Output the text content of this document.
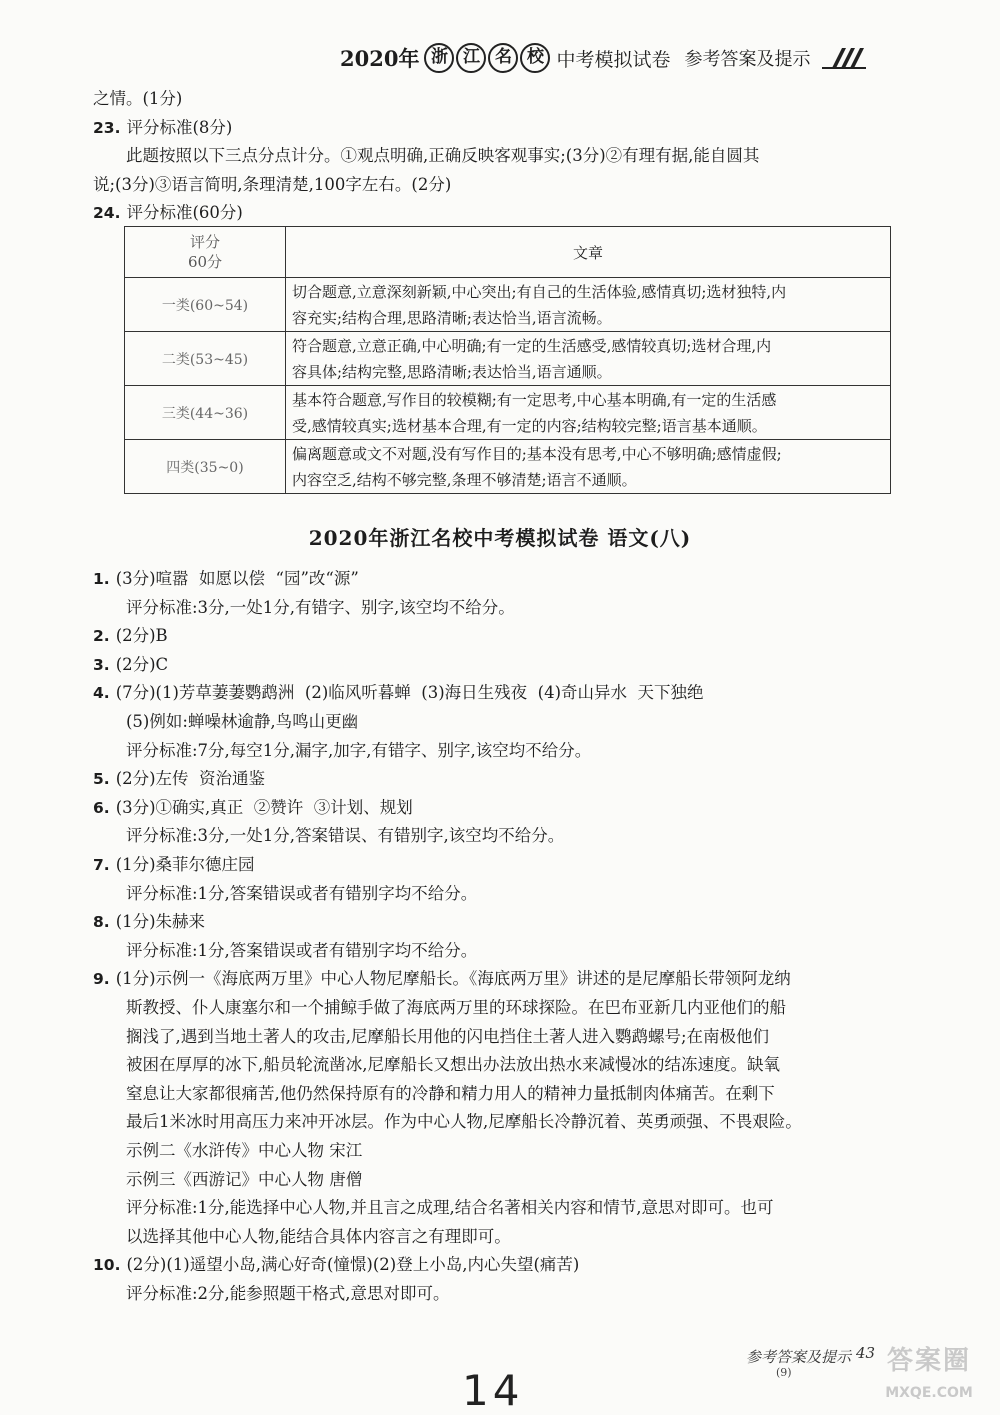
2020年 浙 江 名 校 中考模拟试卷 参考答案及提示
之情。(1分)
23. 评分标准(8分)
此题按照以下三点分点计分。①观点明确,正确反映客观事实;(3分)②有理有据,能自圆其
说;(3分)③语言简明,条理清楚,100字左右。(2分)
24. 评分标准(60分)
评分
60分	文章
一类(60~54)	切合题意,立意深刻新颖,中心突出;有自己的生活体验,感情真切;选材独特,内
容充实;结构合理,思路清晰;表达恰当,语言流畅。
二类(53~45)	符合题意,立意正确,中心明确;有一定的生活感受,感情较真切;选材合理,内
容具体;结构完整,思路清晰;表达恰当,语言通顺。
三类(44~36)	基本符合题意,写作目的较模糊;有一定思考,中心基本明确,有一定的生活感
受,感情较真实;选材基本合理,有一定的内容;结构较完整;语言基本通顺。
四类(35~0)	偏离题意或文不对题,没有写作目的;基本没有思考,中心不够明确;感情虚假;
内容空乏,结构不够完整,条理不够清楚;语言不通顺。
2020年浙江名校中考模拟试卷 语文(八)
1. (3分)喧嚣  如愿以偿  “园”改“源”
评分标准:3分,一处1分,有错字、别字,该空均不给分。
2. (2分)B
3. (2分)C
4. (7分)(1)芳草萋萋鹦鹉洲  (2)临风听暮蝉  (3)海日生残夜  (4)奇山异水  天下独绝
(5)例如:蝉噪林逾静,鸟鸣山更幽
评分标准:7分,每空1分,漏字,加字,有错字、别字,该空均不给分。
5. (2分)左传  资治通鉴
6. (3分)①确实,真正  ②赞许  ③计划、规划
评分标准:3分,一处1分,答案错误、有错别字,该空均不给分。
7. (1分)桑菲尔德庄园
评分标准:1分,答案错误或者有错别字均不给分。
8. (1分)朱赫来
评分标准:1分,答案错误或者有错别字均不给分。
9. (1分)示例一《海底两万里》中心人物尼摩船长。《海底两万里》讲述的是尼摩船长带领阿龙纳
斯教授、仆人康塞尔和一个捕鲸手做了海底两万里的环球探险。在巴布亚新几内亚他们的船
搁浅了,遇到当地土著人的攻击,尼摩船长用他的闪电挡住土著人进入鹦鹉螺号;在南极他们
被困在厚厚的冰下,船员轮流凿冰,尼摩船长又想出办法放出热水来减慢冰的结冻速度。缺氧
窒息让大家都很痛苦,他仍然保持原有的冷静和精力用人的精神力量抵制肉体痛苦。在剩下
最后1米冰时用高压力来冲开冰层。作为中心人物,尼摩船长冷静沉着、英勇顽强、不畏艰险。
示例二《水浒传》中心人物 宋江
示例三《西游记》中心人物 唐僧
评分标准:1分,能选择中心人物,并且言之成理,结合名著相关内容和情节,意思对即可。也可
以选择其他中心人物,能结合具体内容言之有理即可。
10. (2分)(1)遥望小岛,满心好奇(憧憬)(2)登上小岛,内心失望(痛苦)
评分标准:2分,能参照题干格式,意思对即可。
参考答案及提示
(9)
14
43 答案圈
MXQE.COM
